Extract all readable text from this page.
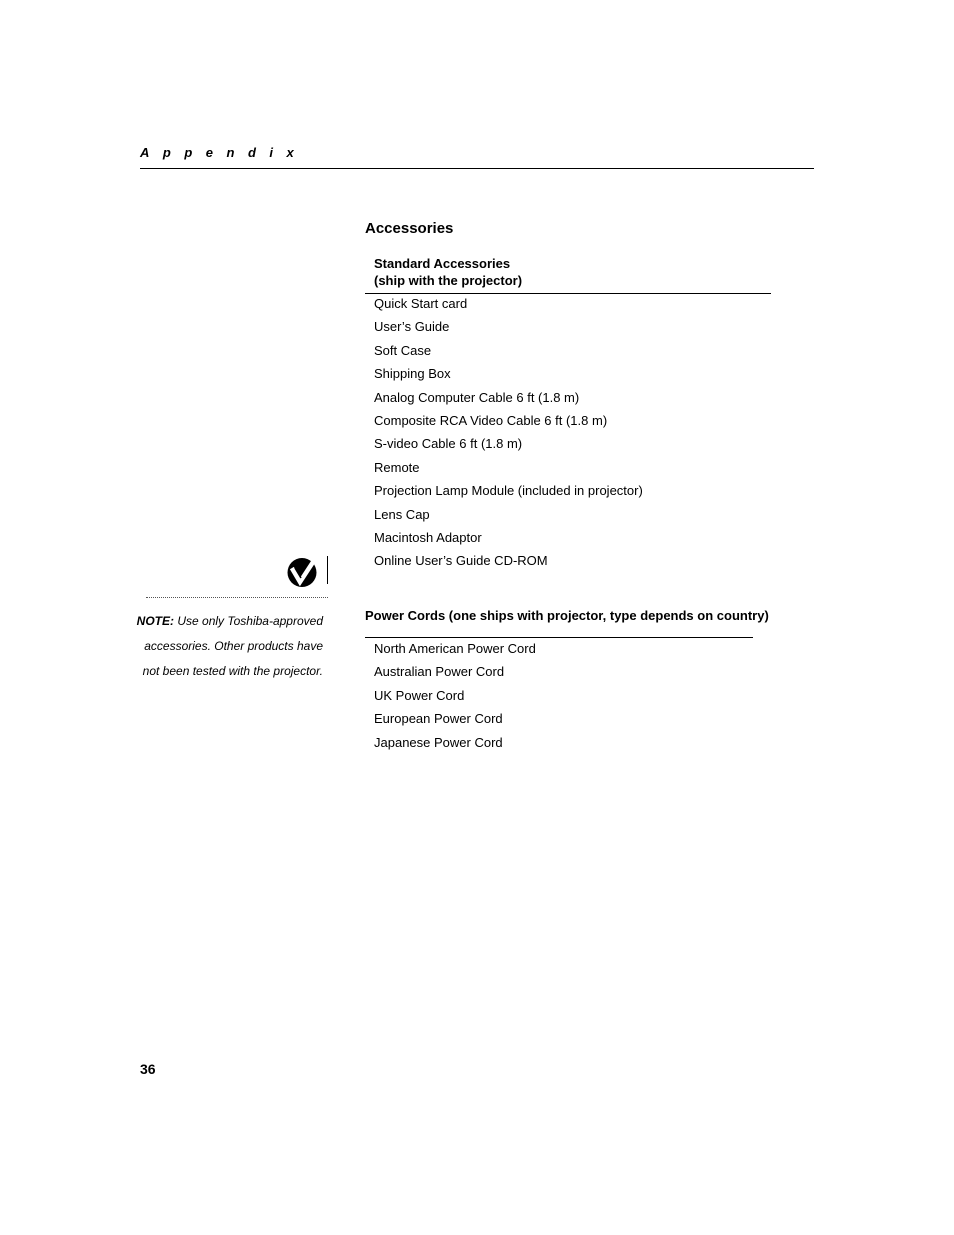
Appendix
Accessories
Standard Accessories
(ship with the projector)
Quick Start card
User’s Guide
Soft Case
Shipping Box
Analog Computer Cable 6 ft (1.8 m)
Composite RCA Video Cable 6 ft (1.8 m)
S-video Cable 6 ft (1.8 m)
Remote
Projection Lamp Module (included in projector)
Lens Cap
Macintosh Adaptor
Online User’s Guide CD-ROM
NOTE: Use only Toshiba-approved accessories. Other products have not been tested with the projector.
Power Cords (one ships with projector, type depends on country)
North American Power Cord
Australian Power Cord
UK Power Cord
European Power Cord
Japanese Power Cord
36
